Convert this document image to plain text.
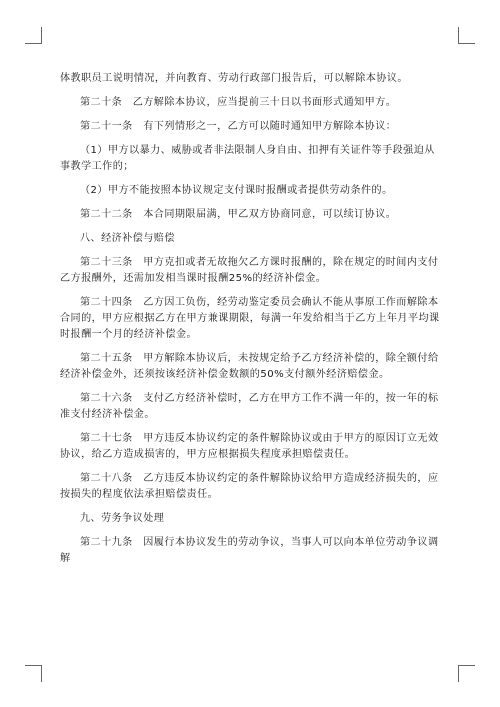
体教职员工说明情况，并向教育、劳动行政部门报告后，可以解除本协议。

第二十条　乙方解除本协议，应当提前三十日以书面形式通知甲方。

第二十一条　有下列情形之一，乙方可以随时通知甲方解除本协议：

（1）甲方以暴力、威胁或者非法限制人身自由、扣押有关证件等手段强迫从事教学工作的；

（2）甲方不能按照本协议规定支付课时报酬或者提供劳动条件的。

第二十二条　本合同期限届满，甲乙双方协商同意，可以续订协议。

八、经济补偿与赔偿

第二十三条　甲方克扣或者无故拖欠乙方课时报酬的，除在规定的时间内支付乙方报酬外，还需加发相当课时报酬25%的经济补偿金。

第二十四条　乙方因工负伤，经劳动鉴定委员会确认不能从事原工作而解除本合同的，甲方应根据乙方在甲方兼课期限，每满一年发给相当于乙方上年月平均课时报酬一个月的经济补偿金。

第二十五条　甲方解除本协议后，未按规定给予乙方经济补偿的，除全额付给经济补偿金外，还须按该经济补偿金数额的50%支付额外经济赔偿金。

第二十六条　支付乙方经济补偿时，乙方在甲方工作不满一年的，按一年的标准支付经济补偿金。

第二十七条　甲方违反本协议约定的条件解除协议或由于甲方的原因订立无效协议，给乙方造成损害的，甲方应根据损失程度承担赔偿责任。

第二十八条　乙方违反本协议约定的条件解除协议给甲方造成经济损失的，应按损失的程度依法承担赔偿责任。

九、劳务争议处理

第二十九条　因履行本协议发生的劳动争议，当事人可以向本单位劳动争议调解
